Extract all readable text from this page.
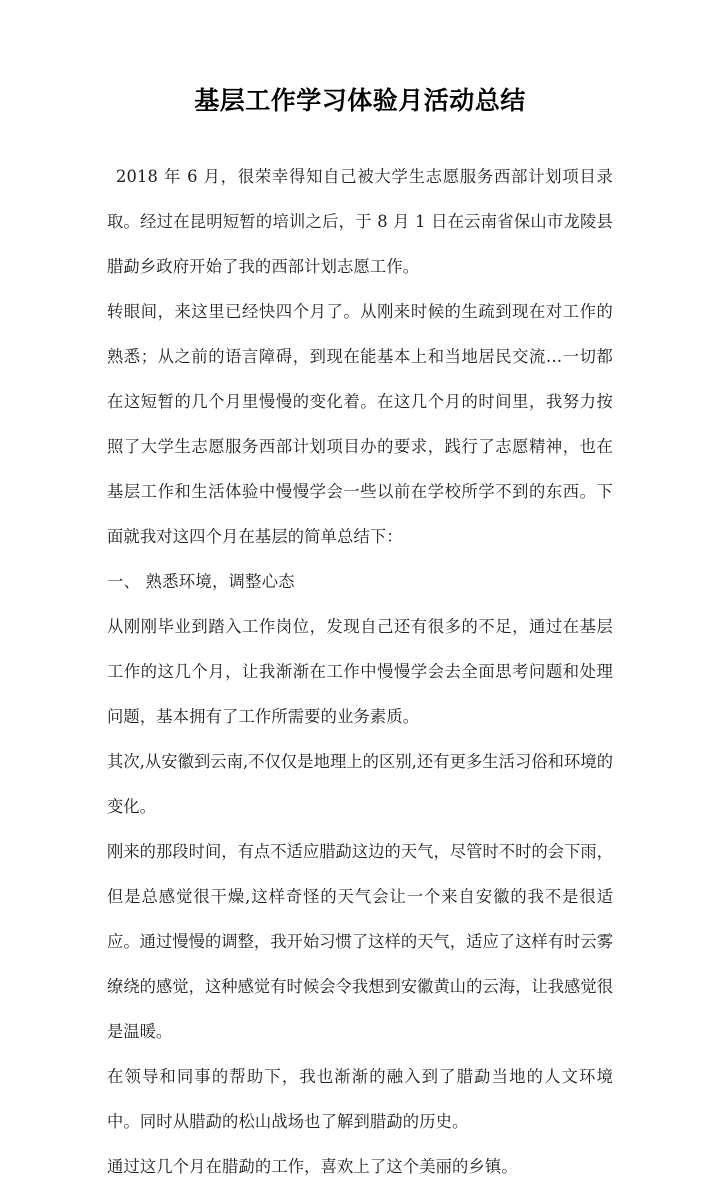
基层工作学习体验月活动总结

2018 年 6 月，很荣幸得知自己被大学生志愿服务西部计划项目录取。经过在昆明短暂的培训之后，于 8 月 1 日在云南省保山市龙陵县腊勐乡政府开始了我的西部计划志愿工作。

转眼间，来这里已经快四个月了。从刚来时候的生疏到现在对工作的熟悉；从之前的语言障碍，到现在能基本上和当地居民交流…一切都在这短暂的几个月里慢慢的变化着。在这几个月的时间里，我努力按照了大学生志愿服务西部计划项目办的要求，践行了志愿精神，也在基层工作和生活体验中慢慢学会一些以前在学校所学不到的东西。下面就我对这四个月在基层的简单总结下：

一、 熟悉环境，调整心态

从刚刚毕业到踏入工作岗位，发现自己还有很多的不足，通过在基层工作的这几个月，让我渐渐在工作中慢慢学会去全面思考问题和处理问题，基本拥有了工作所需要的业务素质。

其次,从安徽到云南,不仅仅是地理上的区别,还有更多生活习俗和环境的变化。

刚来的那段时间，有点不适应腊勐这边的天气，尽管时不时的会下雨，但是总感觉很干燥,这样奇怪的天气会让一个来自安徽的我不是很适应。通过慢慢的调整，我开始习惯了这样的天气，适应了这样有时云雾缭绕的感觉，这种感觉有时候会令我想到安徽黄山的云海，让我感觉很是温暖。

在领导和同事的帮助下，我也渐渐的融入到了腊勐当地的人文环境中。同时从腊勐的松山战场也了解到腊勐的历史。

通过这几个月在腊勐的工作，喜欢上了这个美丽的乡镇。
